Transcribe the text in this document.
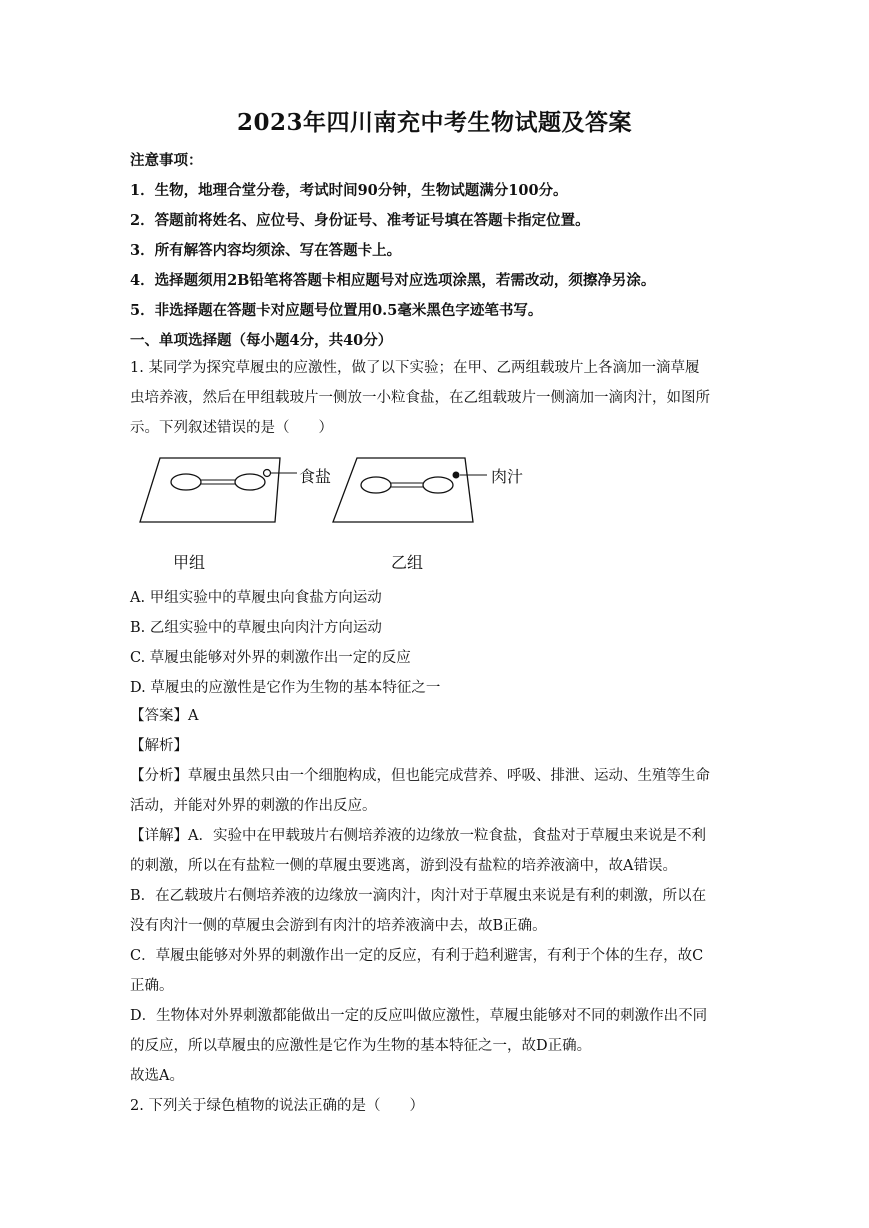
2023年四川南充中考生物试题及答案
注意事项：
1．生物，地理合堂分卷，考试时间90分钟，生物试题满分100分。
2．答题前将姓名、应位号、身份证号、准考证号填在答题卡指定位置。
3．所有解答内容均须涂、写在答题卡上。
4．选择题须用2B铅笔将答题卡相应题号对应选项涂黑，若需改动，须擦净另涂。
5．非选择题在答题卡对应题号位置用0.5毫米黑色字迹笔书写。
一、单项选择题（每小题4分，共40分）
1. 某同学为探究草履虫的应激性，做了以下实验；在甲、乙两组载玻片上各滴加一滴草履
虫培养液，然后在甲组载玻片一侧放一小粒食盐，在乙组载玻片一侧滴加一滴肉汁，如图所
示。下列叙述错误的是（　　）
食盐	肉汁
甲组	乙组
A. 甲组实验中的草履虫向食盐方向运动
B. 乙组实验中的草履虫向肉汁方向运动
C. 草履虫能够对外界的刺激作出一定的反应
D. 草履虫的应激性是它作为生物的基本特征之一
【答案】A
【解析】
【分析】草履虫虽然只由一个细胞构成，但也能完成营养、呼吸、排泄、运动、生殖等生命
活动，并能对外界的刺激的作出反应。
【详解】A．实验中在甲载玻片右侧培养液的边缘放一粒食盐，食盐对于草履虫来说是不利
的刺激，所以在有盐粒一侧的草履虫要逃离，游到没有盐粒的培养液滴中，故A错误。
B．在乙载玻片右侧培养液的边缘放一滴肉汁，肉汁对于草履虫来说是有利的刺激，所以在
没有肉汁一侧的草履虫会游到有肉汁的培养液滴中去，故B正确。
C．草履虫能够对外界的刺激作出一定的反应，有利于趋利避害，有利于个体的生存，故C
正确。
D．生物体对外界刺激都能做出一定的反应叫做应激性，草履虫能够对不同的刺激作出不同
的反应，所以草履虫的应激性是它作为生物的基本特征之一，故D正确。
故选A。
2. 下列关于绿色植物的说法正确的是（　　）
